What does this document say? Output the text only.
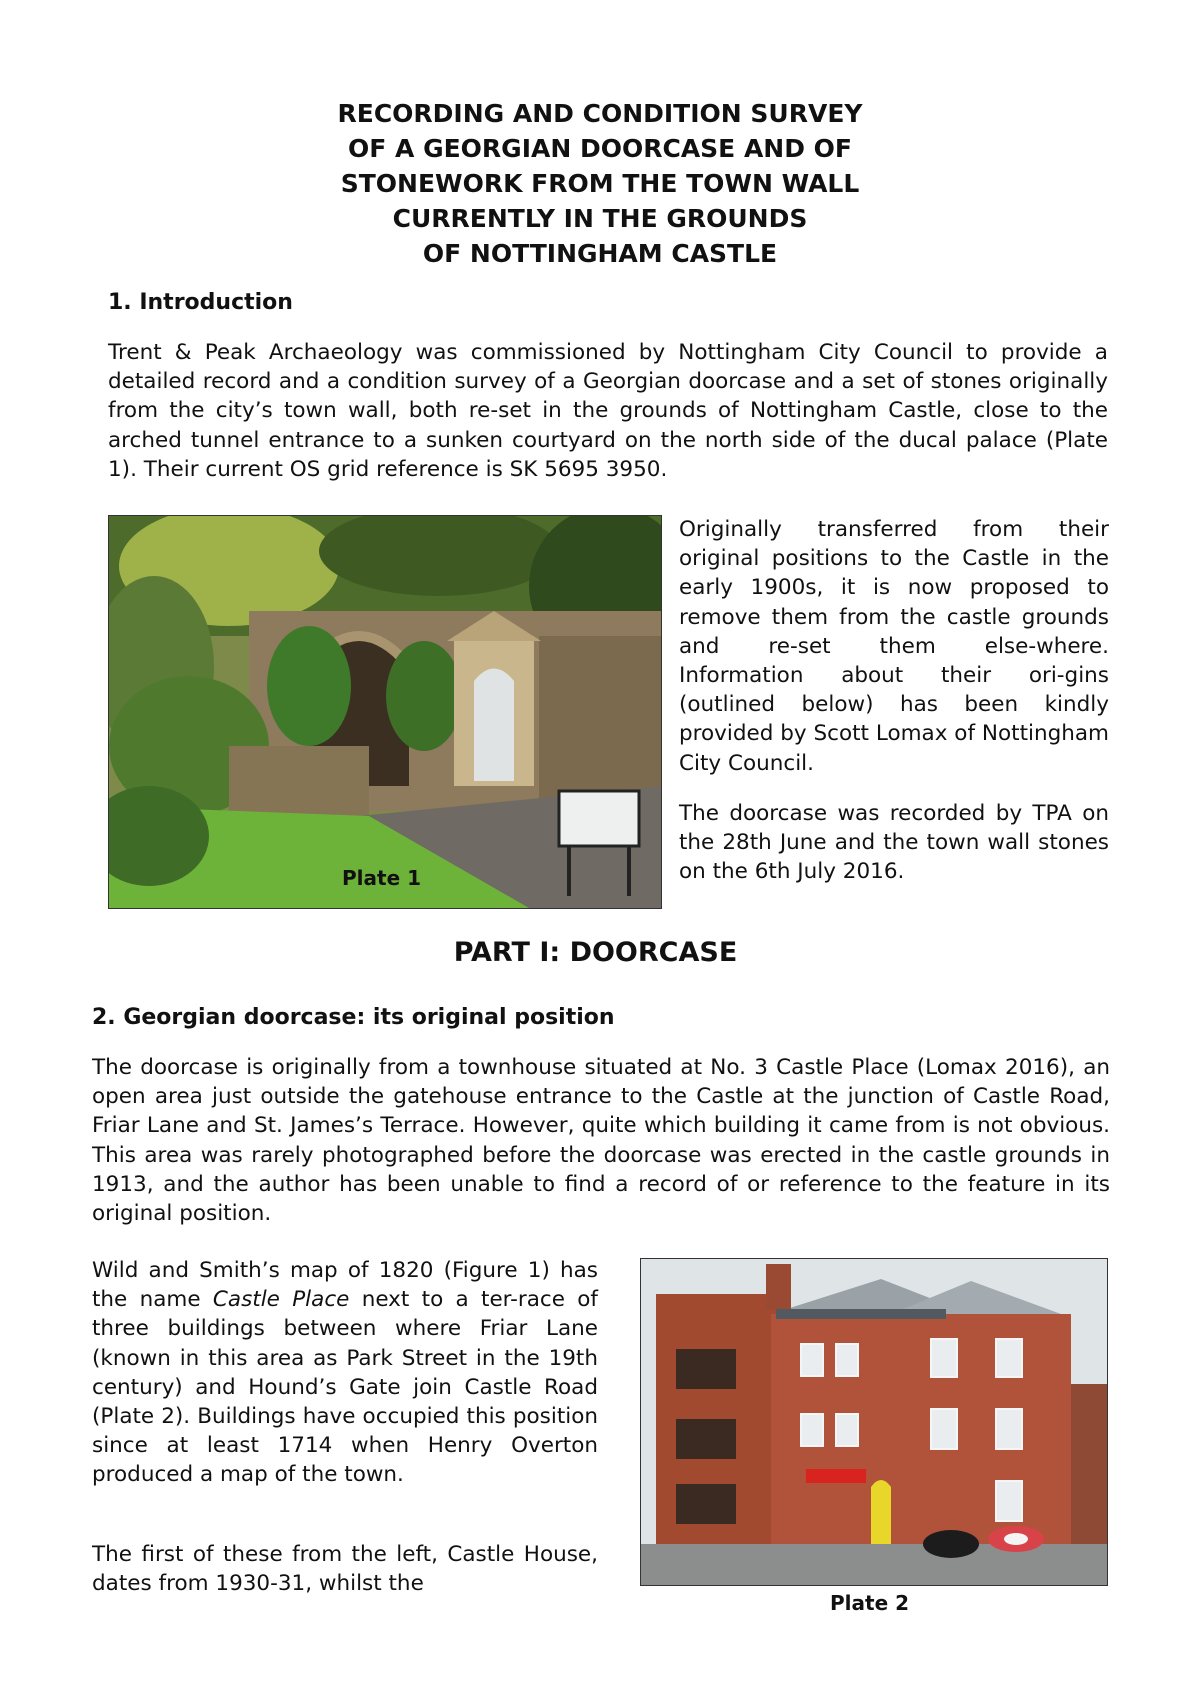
RECORDING AND CONDITION SURVEY
OF A GEORGIAN DOORCASE AND OF
STONEWORK FROM THE TOWN WALL
CURRENTLY IN THE GROUNDS
OF NOTTINGHAM CASTLE
1. Introduction

Trent & Peak Archaeology was commissioned by Nottingham City Council to provide a detailed record and a condition survey of a Georgian doorcase and a set of stones originally from the city’s town wall, both re-set in the grounds of Nottingham Castle, close to the arched tunnel entrance to a sunken courtyard on the north side of the ducal palace (Plate 1). Their current OS grid reference is SK 5695 3950.

Plate 1

Originally transferred from their original positions to the Castle in the early 1900s, it is now proposed to remove them from the castle grounds and re-set them else-where. Information about their ori-gins (outlined below) has been kindly provided by Scott Lomax of Nottingham City Council.

The doorcase was recorded by TPA on the 28th June and the town wall stones on the 6th July 2016.

PART I: DOORCASE
2. Georgian doorcase: its original position

The doorcase is originally from a townhouse situated at No. 3 Castle Place (Lomax 2016), an open area just outside the gatehouse entrance to the Castle at the junction of Castle Road, Friar Lane and St. James’s Terrace. However, quite which building it came from is not obvious. This area was rarely photographed before the doorcase was erected in the castle grounds in 1913, and the author has been unable to find a record of or reference to the feature in its original position.

Wild and Smith’s map of 1820 (Figure 1) has the name Castle Place next to a ter-race of three buildings between where Friar Lane (known in this area as Park Street in the 19th century) and Hound’s Gate join Castle Road (Plate 2). Buildings have occupied this position since at least 1714 when Henry Overton produced a map of the town.

The first of these from the left, Castle House, dates from 1930-31, whilst the

Plate 2
